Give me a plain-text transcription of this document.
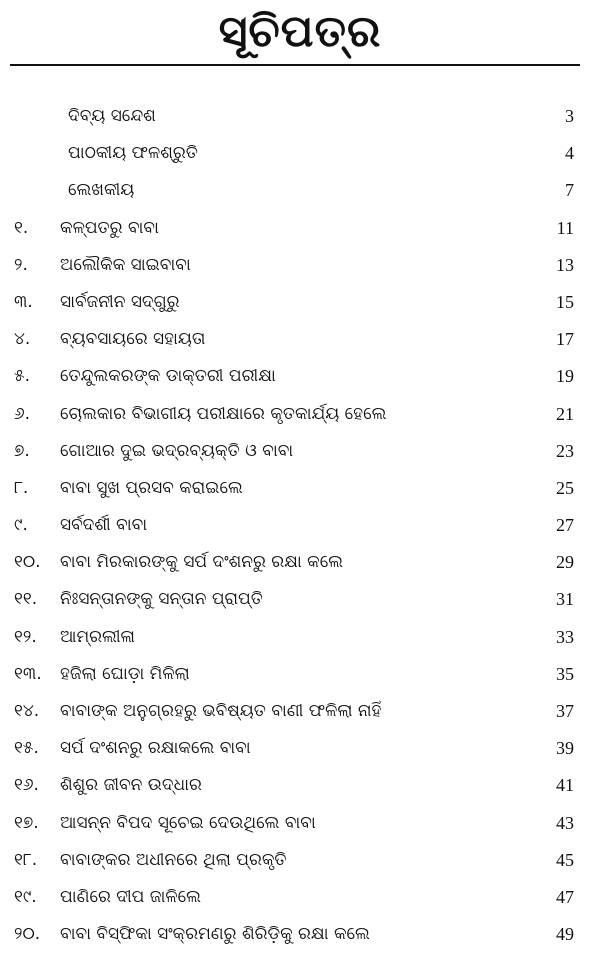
ସୂଚିପତ୍ର
ଦିବ୍ୟ ସନ୍ଦେଶ	3
ପାଠକୀୟ ଫଳଶ୍ରୁତି	4
ଲେଖକୀୟ	7
୧. କଳ୍ପତରୁ ବାବା	11
୨. ଅଲୌକିକ ସାଇବାବା	13
୩. ସାର୍ବଜନୀନ ସଦ୍‌ଗୁରୁ	15
୪. ବ୍ୟବସାୟରେ ସହାୟତା	17
୫. ତେନ୍ଦୁଲକରଙ୍କ ଡାକ୍ତରୀ ପରୀକ୍ଷା	19
୬. ଚୋଲକାର ବିଭାଗୀୟ ପରୀକ୍ଷାରେ କୃତକାର୍ଯ୍ୟ ହେଲେ	21
୭. ଗୋଆର ଦୁଇ ଭଦ୍ରବ୍ୟକ୍ତି ଓ ବାବା	23
୮. ବାବା ସୁଖ ପ୍ରସବ କରାଇଲେ	25
୯. ସର୍ବଦର୍ଶୀ ବାବା	27
୧୦. ବାବା ମିରକାରଙ୍କୁ ସର୍ପ ଦଂଶନରୁ ରକ୍ଷା କଲେ	29
୧୧. ନିଃସନ୍ତାନଙ୍କୁ ସନ୍ତାନ ପ୍ରାପ୍ତି	31
୧୨. ଆମ୍ରଲୀଳା	33
୧୩. ହଜିଲା ଘୋଡ଼ା ମିଳିଲା	35
୧୪. ବାବାଙ୍କ ଅନୁଗ୍ରହରୁ ଭବିଷ୍ୟତ ବାଣୀ ଫଳିଲା ନାହିଁ	37
୧୫. ସର୍ପ ଦଂଶନରୁ ରକ୍ଷାକଲେ ବାବା	39
୧୬. ଶିଶୁର ଜୀବନ ଉଦ୍ଧାର	41
୧୭. ଆସନ୍ନ ବିପଦ ସୂଚେଇ ଦେଉଥିଲେ ବାବା	43
୧୮. ବାବାଙ୍କର ଅଧୀନରେ ଥିଲା ପ୍ରକୃତି	45
୧୯. ପାଣିରେ ଦୀପ ଜାଳିଲେ	47
୨୦. ବାବା ବିସ୍ଫିକା ସଂକ୍ରମଣରୁ ଶିରିଡ଼ିକୁ ରକ୍ଷା କଲେ	49
